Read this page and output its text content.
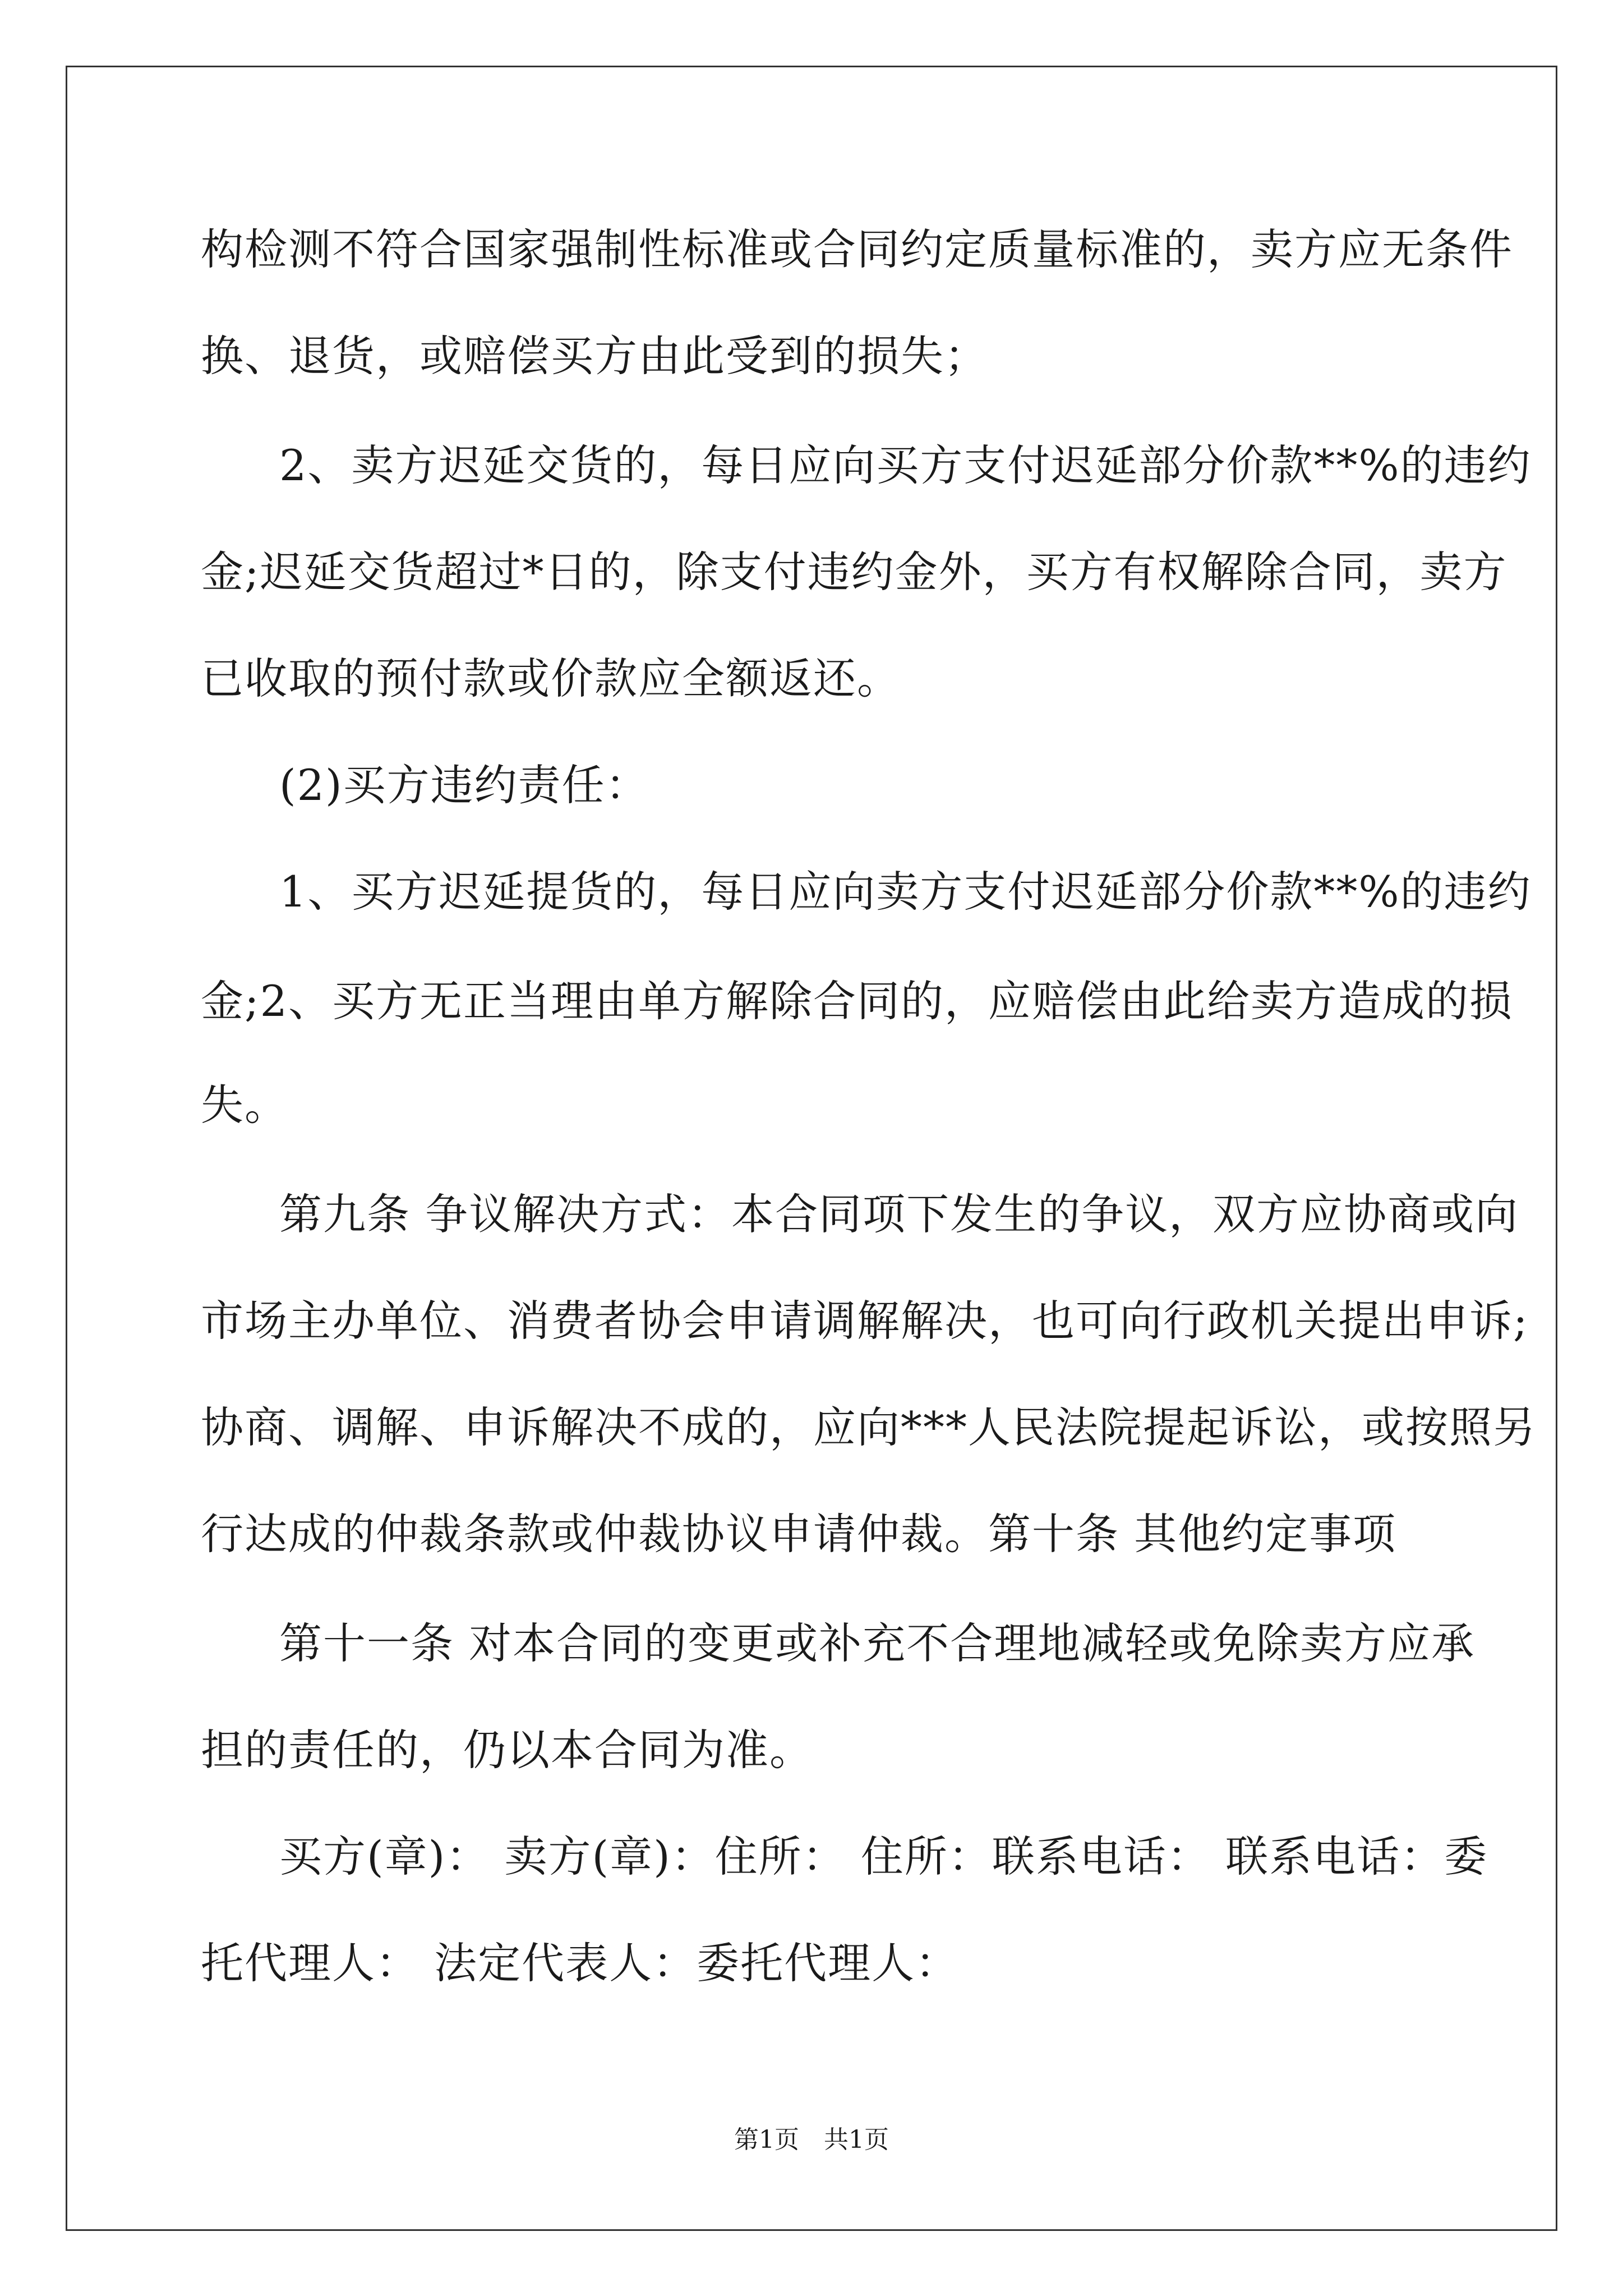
构检测不符合国家强制性标准或合同约定质量标准的，卖方应无条件
换、退货，或赔偿买方由此受到的损失；
2、卖方迟延交货的，每日应向买方支付迟延部分价款**%的违约
金;迟延交货超过*日的，除支付违约金外，买方有权解除合同，卖方
已收取的预付款或价款应全额返还。
(2)买方违约责任：
1、买方迟延提货的，每日应向卖方支付迟延部分价款**%的违约
金;2、买方无正当理由单方解除合同的，应赔偿由此给卖方造成的损
失。
第九条 争议解决方式：本合同项下发生的争议，双方应协商或向
市场主办单位、消费者协会申请调解解决，也可向行政机关提出申诉;
协商、调解、申诉解决不成的，应向***人民法院提起诉讼，或按照另
行达成的仲裁条款或仲裁协议申请仲裁。第十条 其他约定事项
第十一条 对本合同的变更或补充不合理地减轻或免除卖方应承
担的责任的，仍以本合同为准。
买方(章)： 卖方(章)：住所： 住所：联系电话： 联系电话：委
托代理人： 法定代表人：委托代理人：
第1页　共1页
